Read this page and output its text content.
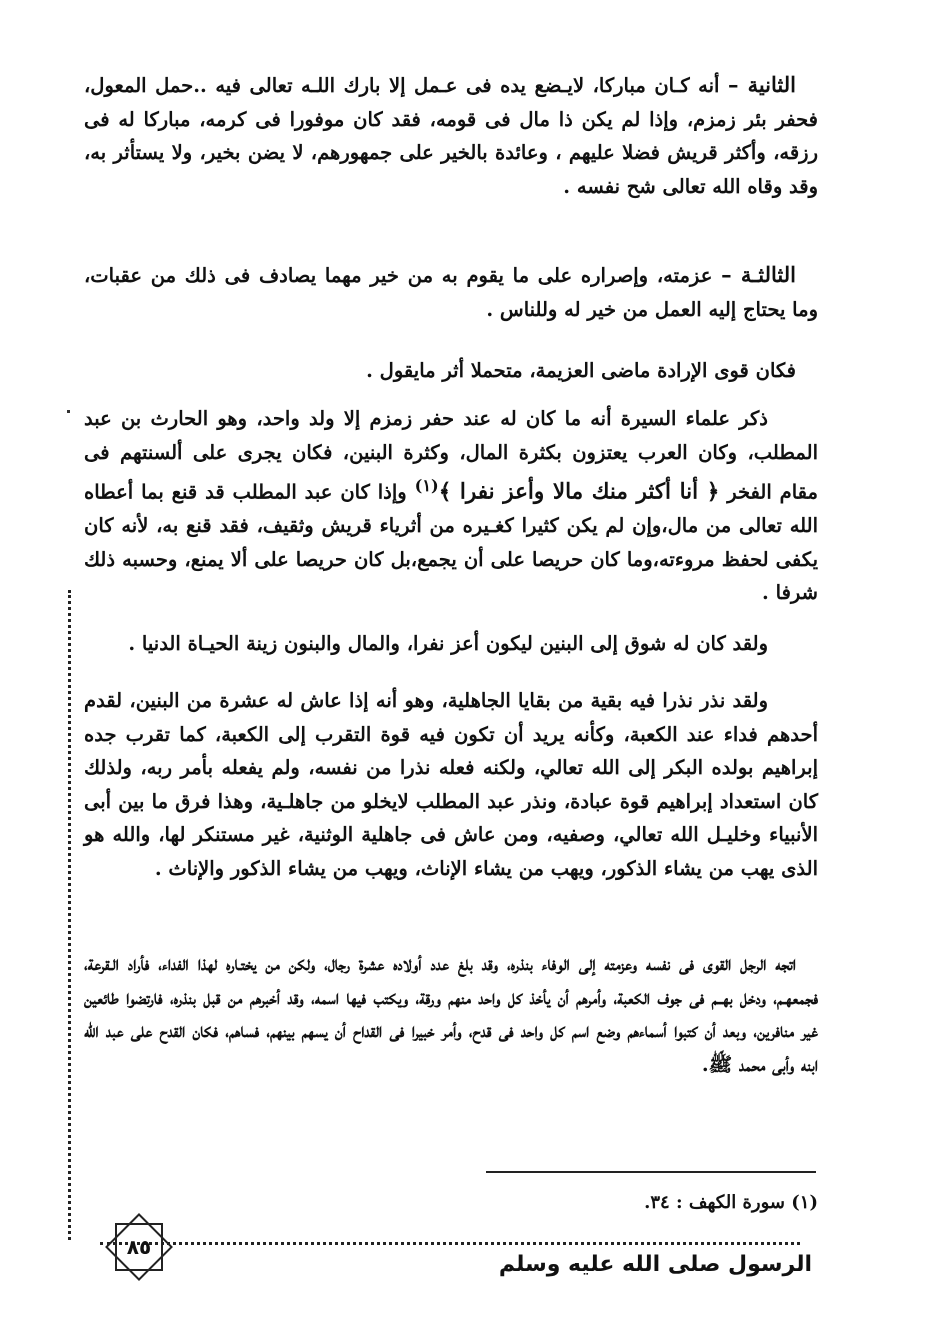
الثانية – أنه كـان مباركا، لايـضع يده فى عـمل إلا بارك اللـه تعالى فيه ..حمل المعول، فحفر بئر زمزم، وإذا لم يكن ذا مال فى قومه، فقد كان موفورا فى كرمه، مباركا له فى رزقه، وأكثر قريش فضلا عليهم ، وعائدة بالخير على جمهورهم، لا يضن بخير، ولا يستأثر به، وقد وقاه الله تعالى شح نفسه .

الثالثـة – عزمته، وإصراره على ما يقوم به من خير مهما يصادف فى ذلك من عقبات، وما يحتاج إليه العمل من خير له وللناس .

فكان قوى الإرادة ماضى العزيمة، متحملا أثر مايقول .

ذكر علماء السيرة أنه ما كان له عند حفر زمزم إلا ولد واحد، وهو الحارث بن عبد المطلب، وكان العرب يعتزون بكثرة المال، وكثرة البنين، فكان يجرى على ألسنتهم فى مقام الفخر ﴿ أنا أكثر منك مالا وأعز نفرا ﴾$^{(١)}$ وإذا كان عبد المطلب قد قنع بما أعطاه الله تعالى من مال،وإن لم يكن كثيرا كغـيره من أثرياء قريش وثقيف، فقد قنع به، لأنه كان يكفى لحفظ مروءته،وما كان حريصا على أن يجمع،بل كان حريصا على ألا يمنع، وحسبه ذلك شرفا .

ولقد كان له شوق إلى البنين ليكون أعز نفرا، والمال والبنون زينة الحيـاة الدنيا .

ولقد نذر نذرا فيه بقية من بقايا الجاهلية، وهو أنه إذا عاش له عشرة من البنين، لقدم أحدهم فداء عند الكعبة، وكأنه يريد أن تكون فيه قوة التقرب إلى الكعبة، كما تقرب جده إبراهيم بولده البكر إلى الله تعالي، ولكنه فعله نذرا من نفسه، ولم يفعله بأمر ربه، ولذلك كان استعداد إبراهيم قوة عبادة، ونذر عبد المطلب لايخلو من جاهلـية، وهذا فرق ما بين أبى الأنبياء وخليـل الله تعالي، وصفيه، ومن عاش فى جاهلية الوثنية، غير مستنكر لها، والله هو الذى يهب من يشاء الذكور، ويهب من يشاء الإناث، ويهب من يشاء الذكور والإناث .

اتجه الرجل القوى فى نفسه وعزمته إلى الوفاء بنذره، وقد بلغ عدد أولاده عشرة رجال، ولكن من يختـاره لهذا الفداء، فأراد الـقرعة، فجمعهـم، ودخل بهــم فى جوف الكعبة، وأمرهم أن يأخذ كل واحد منهم ورقة، ويكتب فيها اسمه، وقد أخبرهم من قبل بنذره، فارتضوا طائعين غير منافرين، وبعد أن كتبوا أسماءهم وضع اسم كل واحد فى قدح، وأمر خبيرا فى القداح أن يسهم بينهم، فساهم، فكان القدح على عبد الله ابنه وأبى محمد ﷺ.

(١) سورة الكهف : ٣٤.
٨٥
الرسول صلى الله عليه وسلم
